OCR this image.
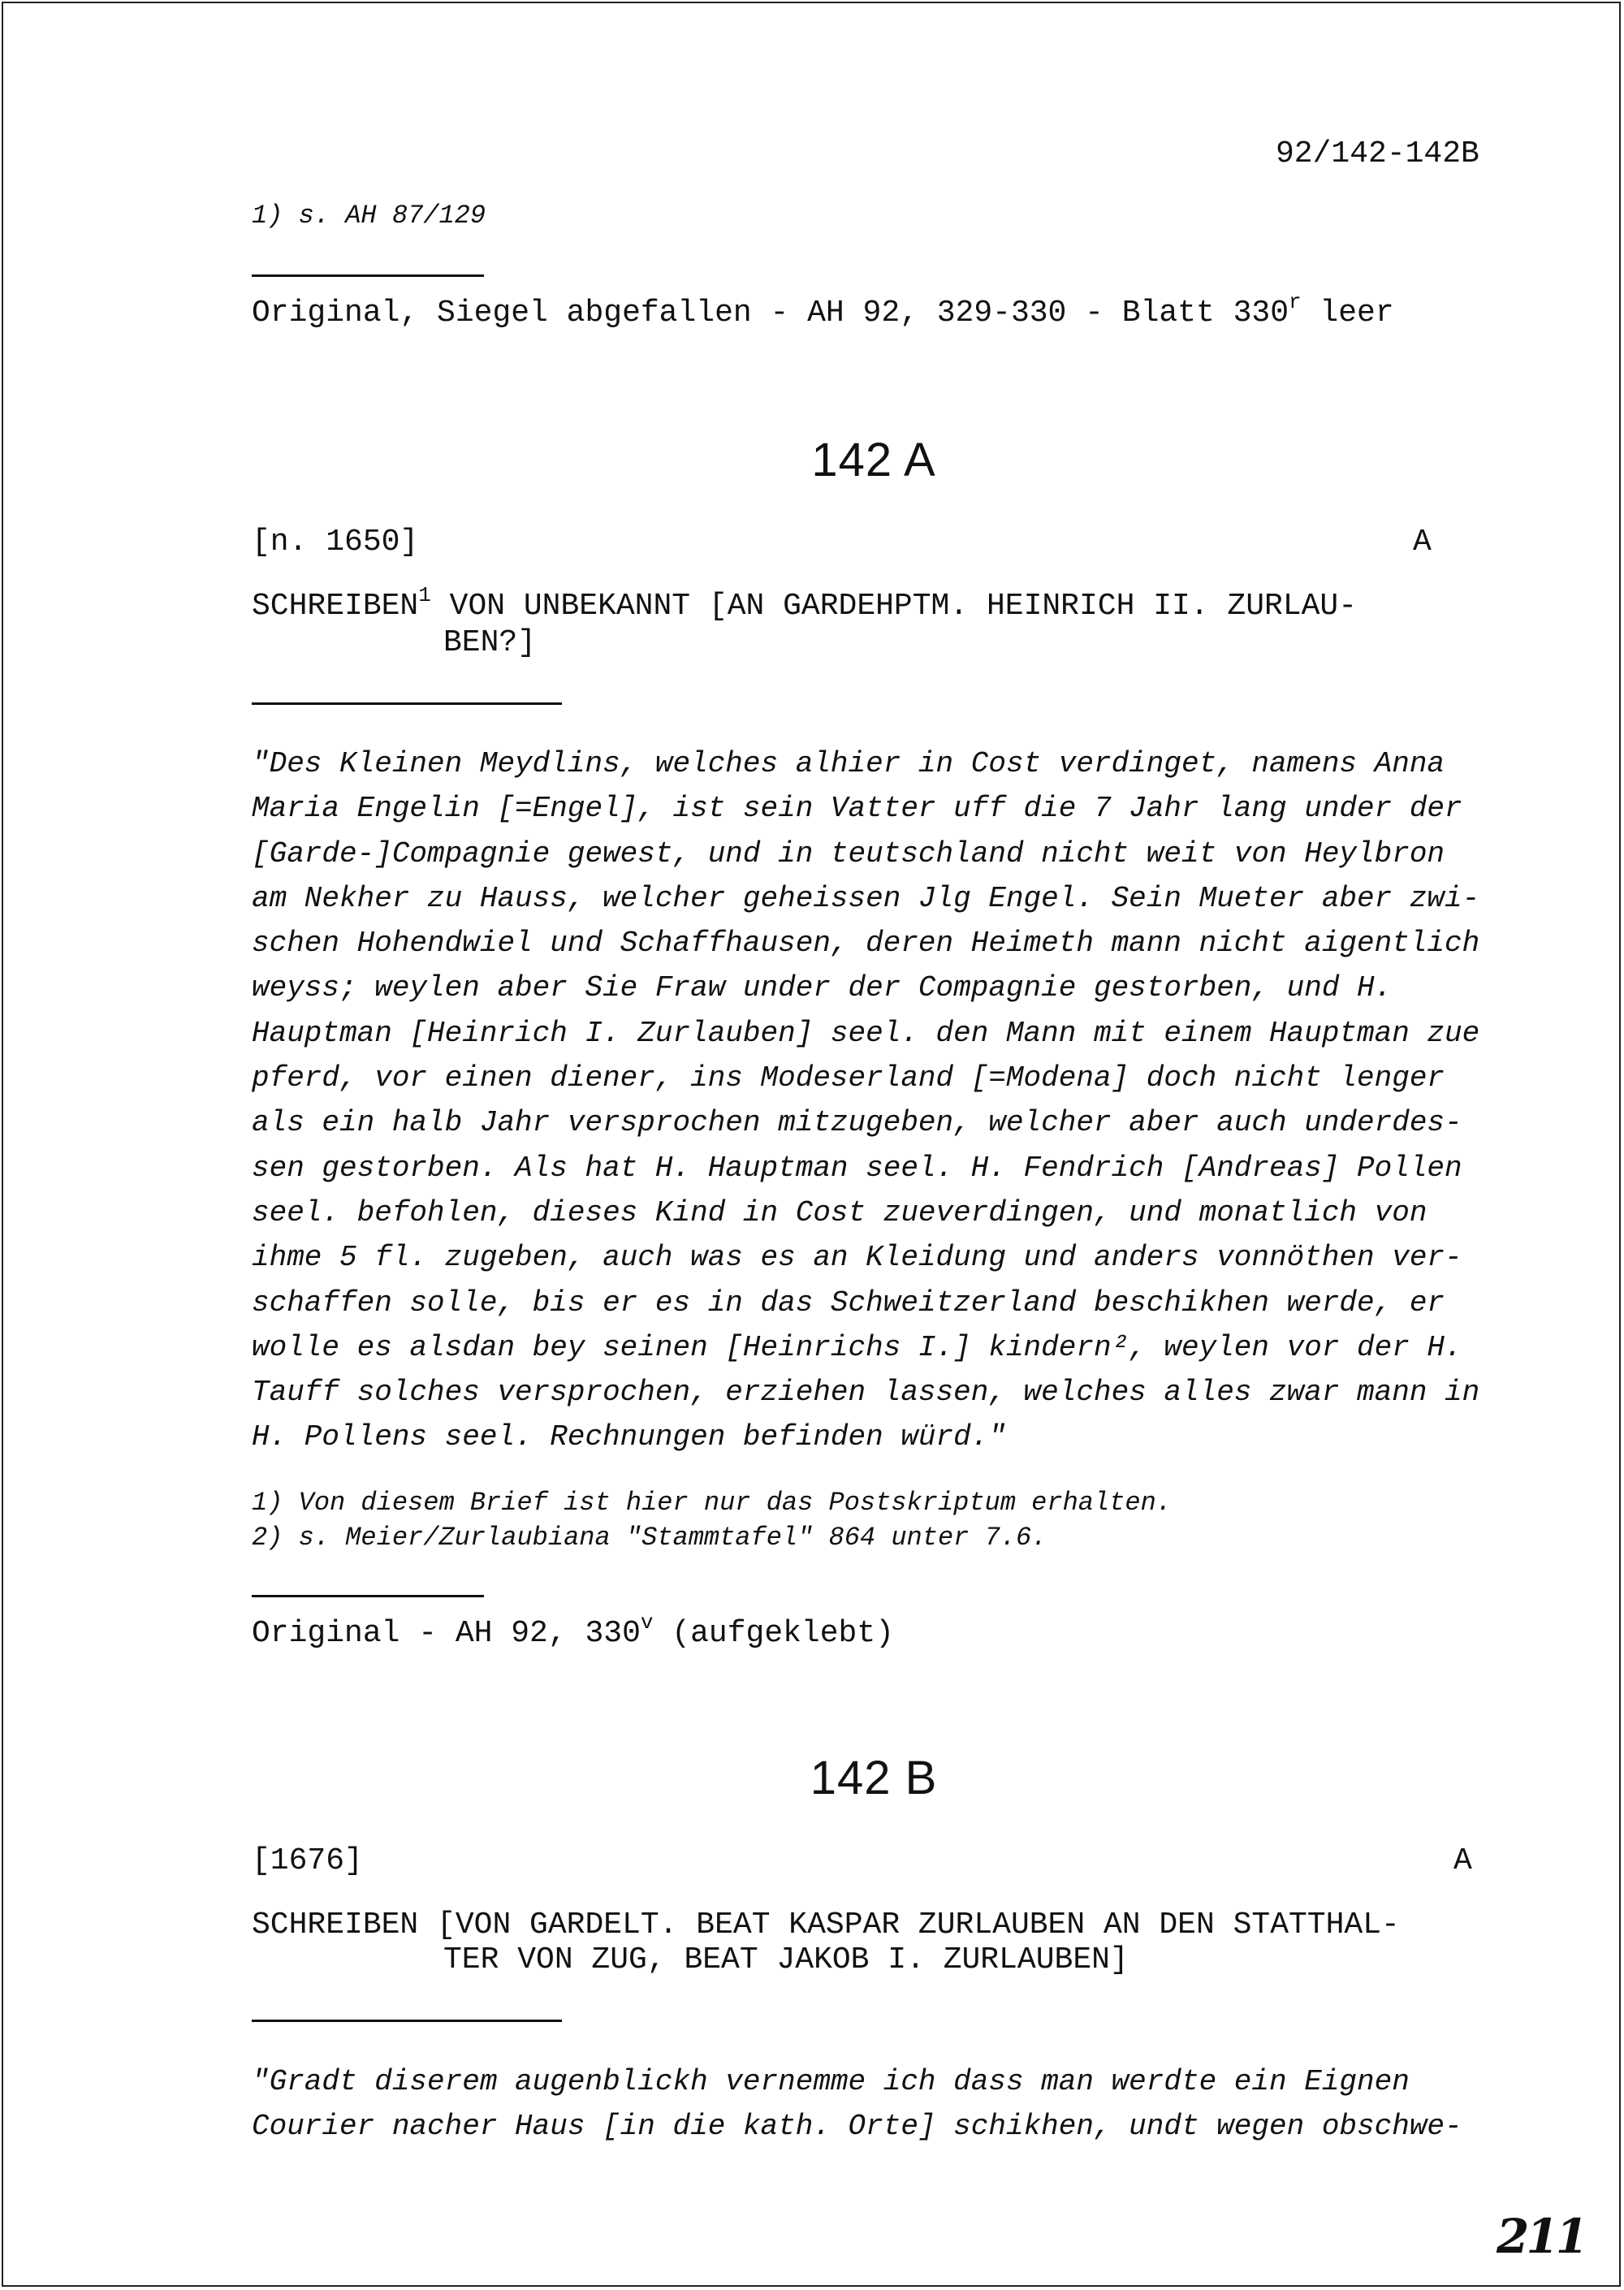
92/142-142B
1) s. AH 87/129
Original, Siegel abgefallen - AH 92, 329-330 - Blatt 330$^r$ leer
142 A
[n. 1650]	A
SCHREIBEN$^1$ VON UNBEKANNT [AN GARDEHPTM. HEINRICH II. ZURLAU-
BEN?]
"Des Kleinen Meydlins, welches alhier in Cost verdinget, namens Anna
Maria Engelin [=Engel], ist sein Vatter uff die 7 Jahr lang under der
[Garde-]Compagnie gewest, und in teutschland nicht weit von Heylbron
am Nekher zu Hauss, welcher geheissen Jlg Engel. Sein Mueter aber zwi-
schen Hohendwiel und Schaffhausen, deren Heimeth mann nicht aigentlich
weyss; weylen aber Sie Fraw under der Compagnie gestorben, und H.
Hauptman [Heinrich I. Zurlauben] seel. den Mann mit einem Hauptman zue
pferd, vor einen diener, ins Modeserland [=Modena] doch nicht lenger
als ein halb Jahr versprochen mitzugeben, welcher aber auch underdes-
sen gestorben. Als hat H. Hauptman seel. H. Fendrich [Andreas] Pollen
seel. befohlen, dieses Kind in Cost zueverdingen, und monatlich von
ihme 5 fl. zugeben, auch was es an Kleidung und anders vonnöthen ver-
schaffen solle, bis er es in das Schweitzerland beschikhen werde, er
wolle es alsdan bey seinen [Heinrichs I.] kindern², weylen vor der H.
Tauff solches versprochen, erziehen lassen, welches alles zwar mann in
H. Pollens seel. Rechnungen befinden würd."
1) Von diesem Brief ist hier nur das Postskriptum erhalten.
2) s. Meier/Zurlaubiana "Stammtafel" 864 unter 7.6.
Original - AH 92, 330$^v$ (aufgeklebt)
142 B
[1676]	A
SCHREIBEN [VON GARDELT. BEAT KASPAR ZURLAUBEN AN DEN STATTHAL-
TER VON ZUG, BEAT JAKOB I. ZURLAUBEN]
"Gradt diserem augenblickh vernemme ich dass man werdte ein Eignen
Courier nacher Haus [in die kath. Orte] schikhen, undt wegen obschwe-
211
